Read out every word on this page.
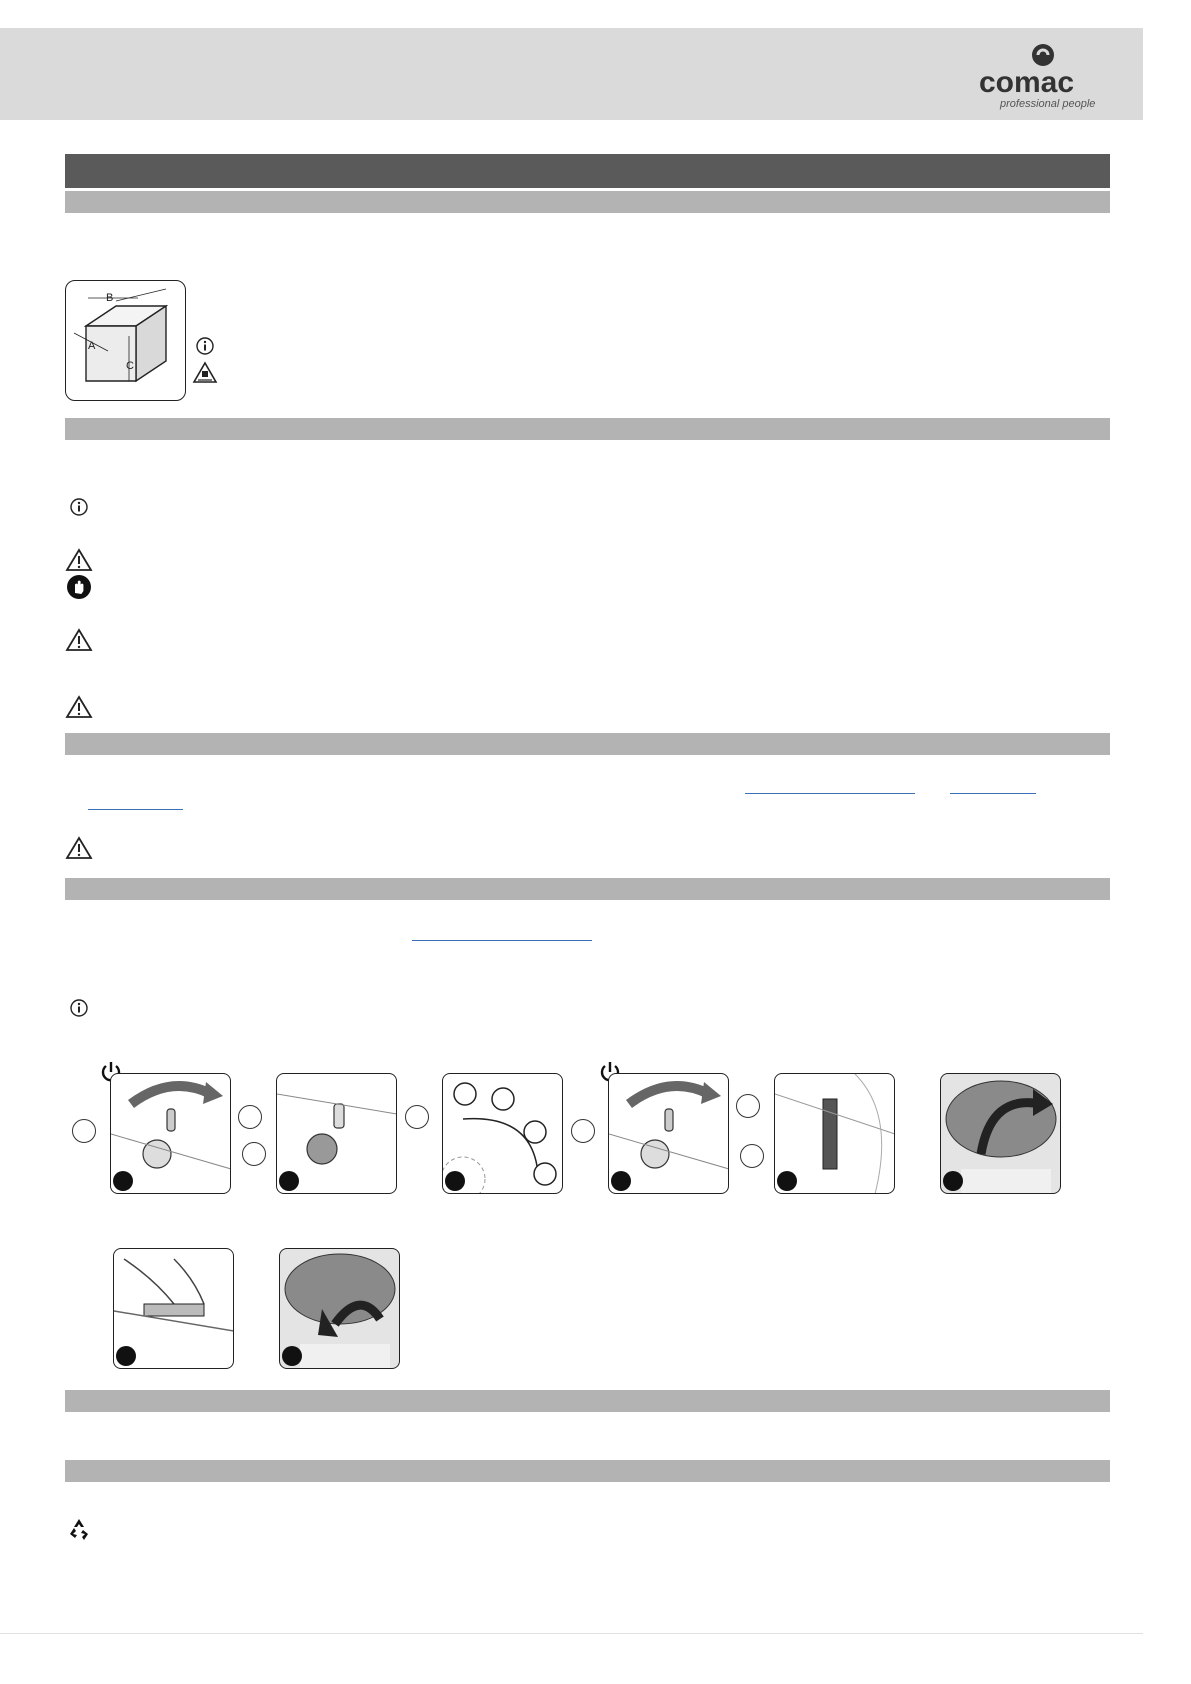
comac
professional people
B
A
C
